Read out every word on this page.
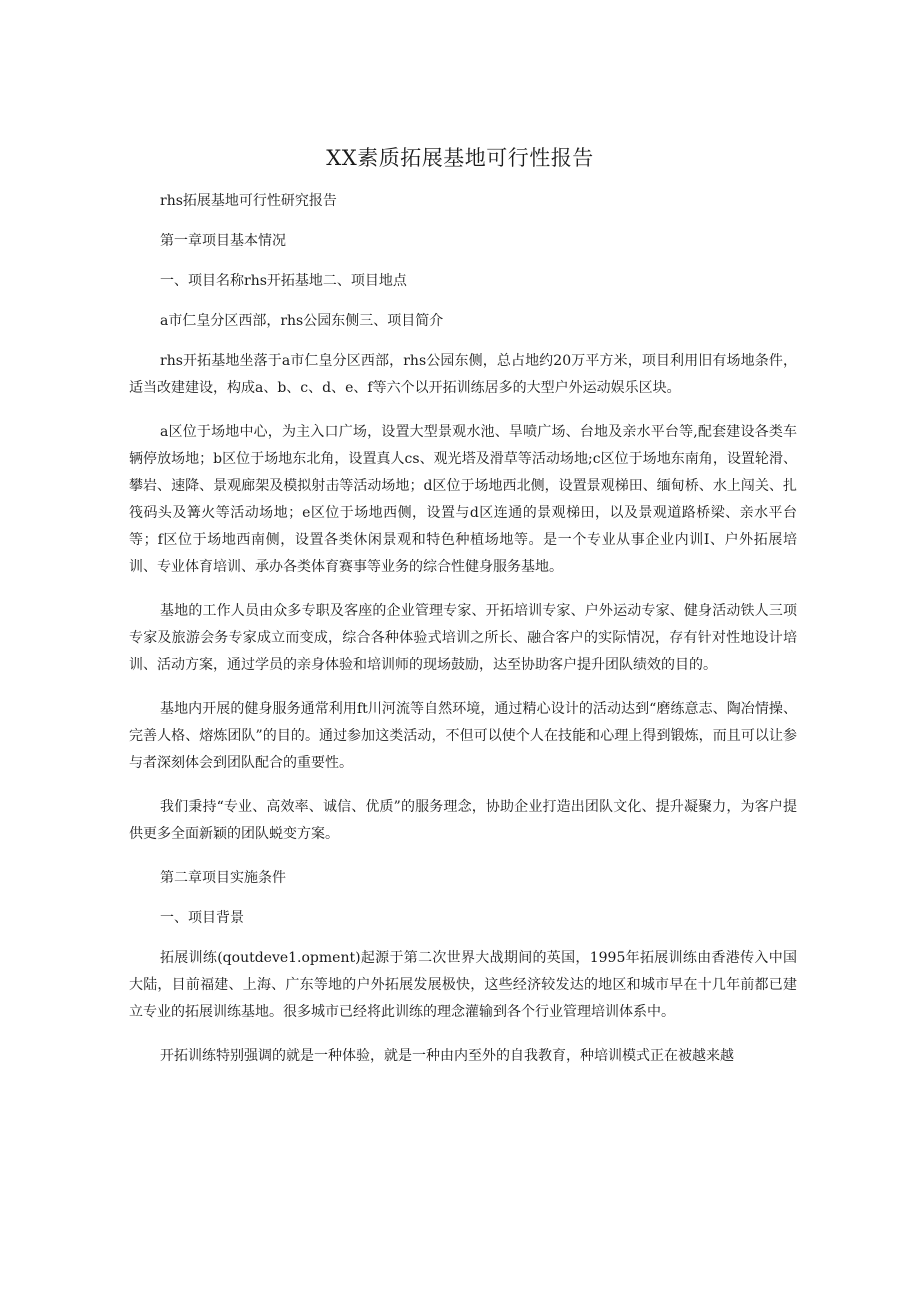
XX素质拓展基地可行性报告

rhs拓展基地可行性研究报告

第一章项目基本情况

一、项目名称rhs开拓基地二、项目地点

a市仁皇分区西部，rhs公园东侧三、项目简介

rhs开拓基地坐落于a市仁皇分区西部，rhs公园东侧，总占地约20万平方米，项目利用旧有场地条件，适当改建建设，构成a、b、c、d、e、f等六个以开拓训练居多的大型户外运动娱乐区块。

a区位于场地中心，为主入口广场，设置大型景观水池、旱喷广场、台地及亲水平台等,配套建设各类车辆停放场地；b区位于场地东北角，设置真人cs、观光塔及滑草等活动场地;c区位于场地东南角，设置轮滑、攀岩、速降、景观廊架及模拟射击等活动场地；d区位于场地西北侧，设置景观梯田、缅甸桥、水上闯关、扎筏码头及篝火等活动场地；e区位于场地西侧，设置与d区连通的景观梯田，以及景观道路桥梁、亲水平台等；f区位于场地西南侧，设置各类休闲景观和特色种植场地等。是一个专业从事企业内训I、户外拓展培训、专业体育培训、承办各类体育赛事等业务的综合性健身服务基地。

基地的工作人员由众多专职及客座的企业管理专家、开拓培训专家、户外运动专家、健身活动铁人三项专家及旅游会务专家成立而变成，综合各种体验式培训之所长、融合客户的实际情况，存有针对性地设计培训、活动方案，通过学员的亲身体验和培训师的现场鼓励，达至协助客户提升团队绩效的目的。

基地内开展的健身服务通常利用ft川河流等自然环境，通过精心设计的活动达到“磨练意志、陶冶情操、完善人格、熔炼团队”的目的。通过参加这类活动，不但可以使个人在技能和心理上得到锻炼，而且可以让参与者深刻体会到团队配合的重要性。

我们秉持“专业、高效率、诚信、优质”的服务理念，协助企业打造出团队文化、提升凝聚力，为客户提供更多全面新颖的团队蜕变方案。

第二章项目实施条件

一、项目背景

拓展训练(qoutdeve1.opment)起源于第二次世界大战期间的英国，1995年拓展训练由香港传入中国大陆，目前福建、上海、广东等地的户外拓展发展极快，这些经济较发达的地区和城市早在十几年前都已建立专业的拓展训练基地。很多城市已经将此训练的理念灌输到各个行业管理培训体系中。

开拓训练特别强调的就是一种体验，就是一种由内至外的自我教育，种培训模式正在被越来越
